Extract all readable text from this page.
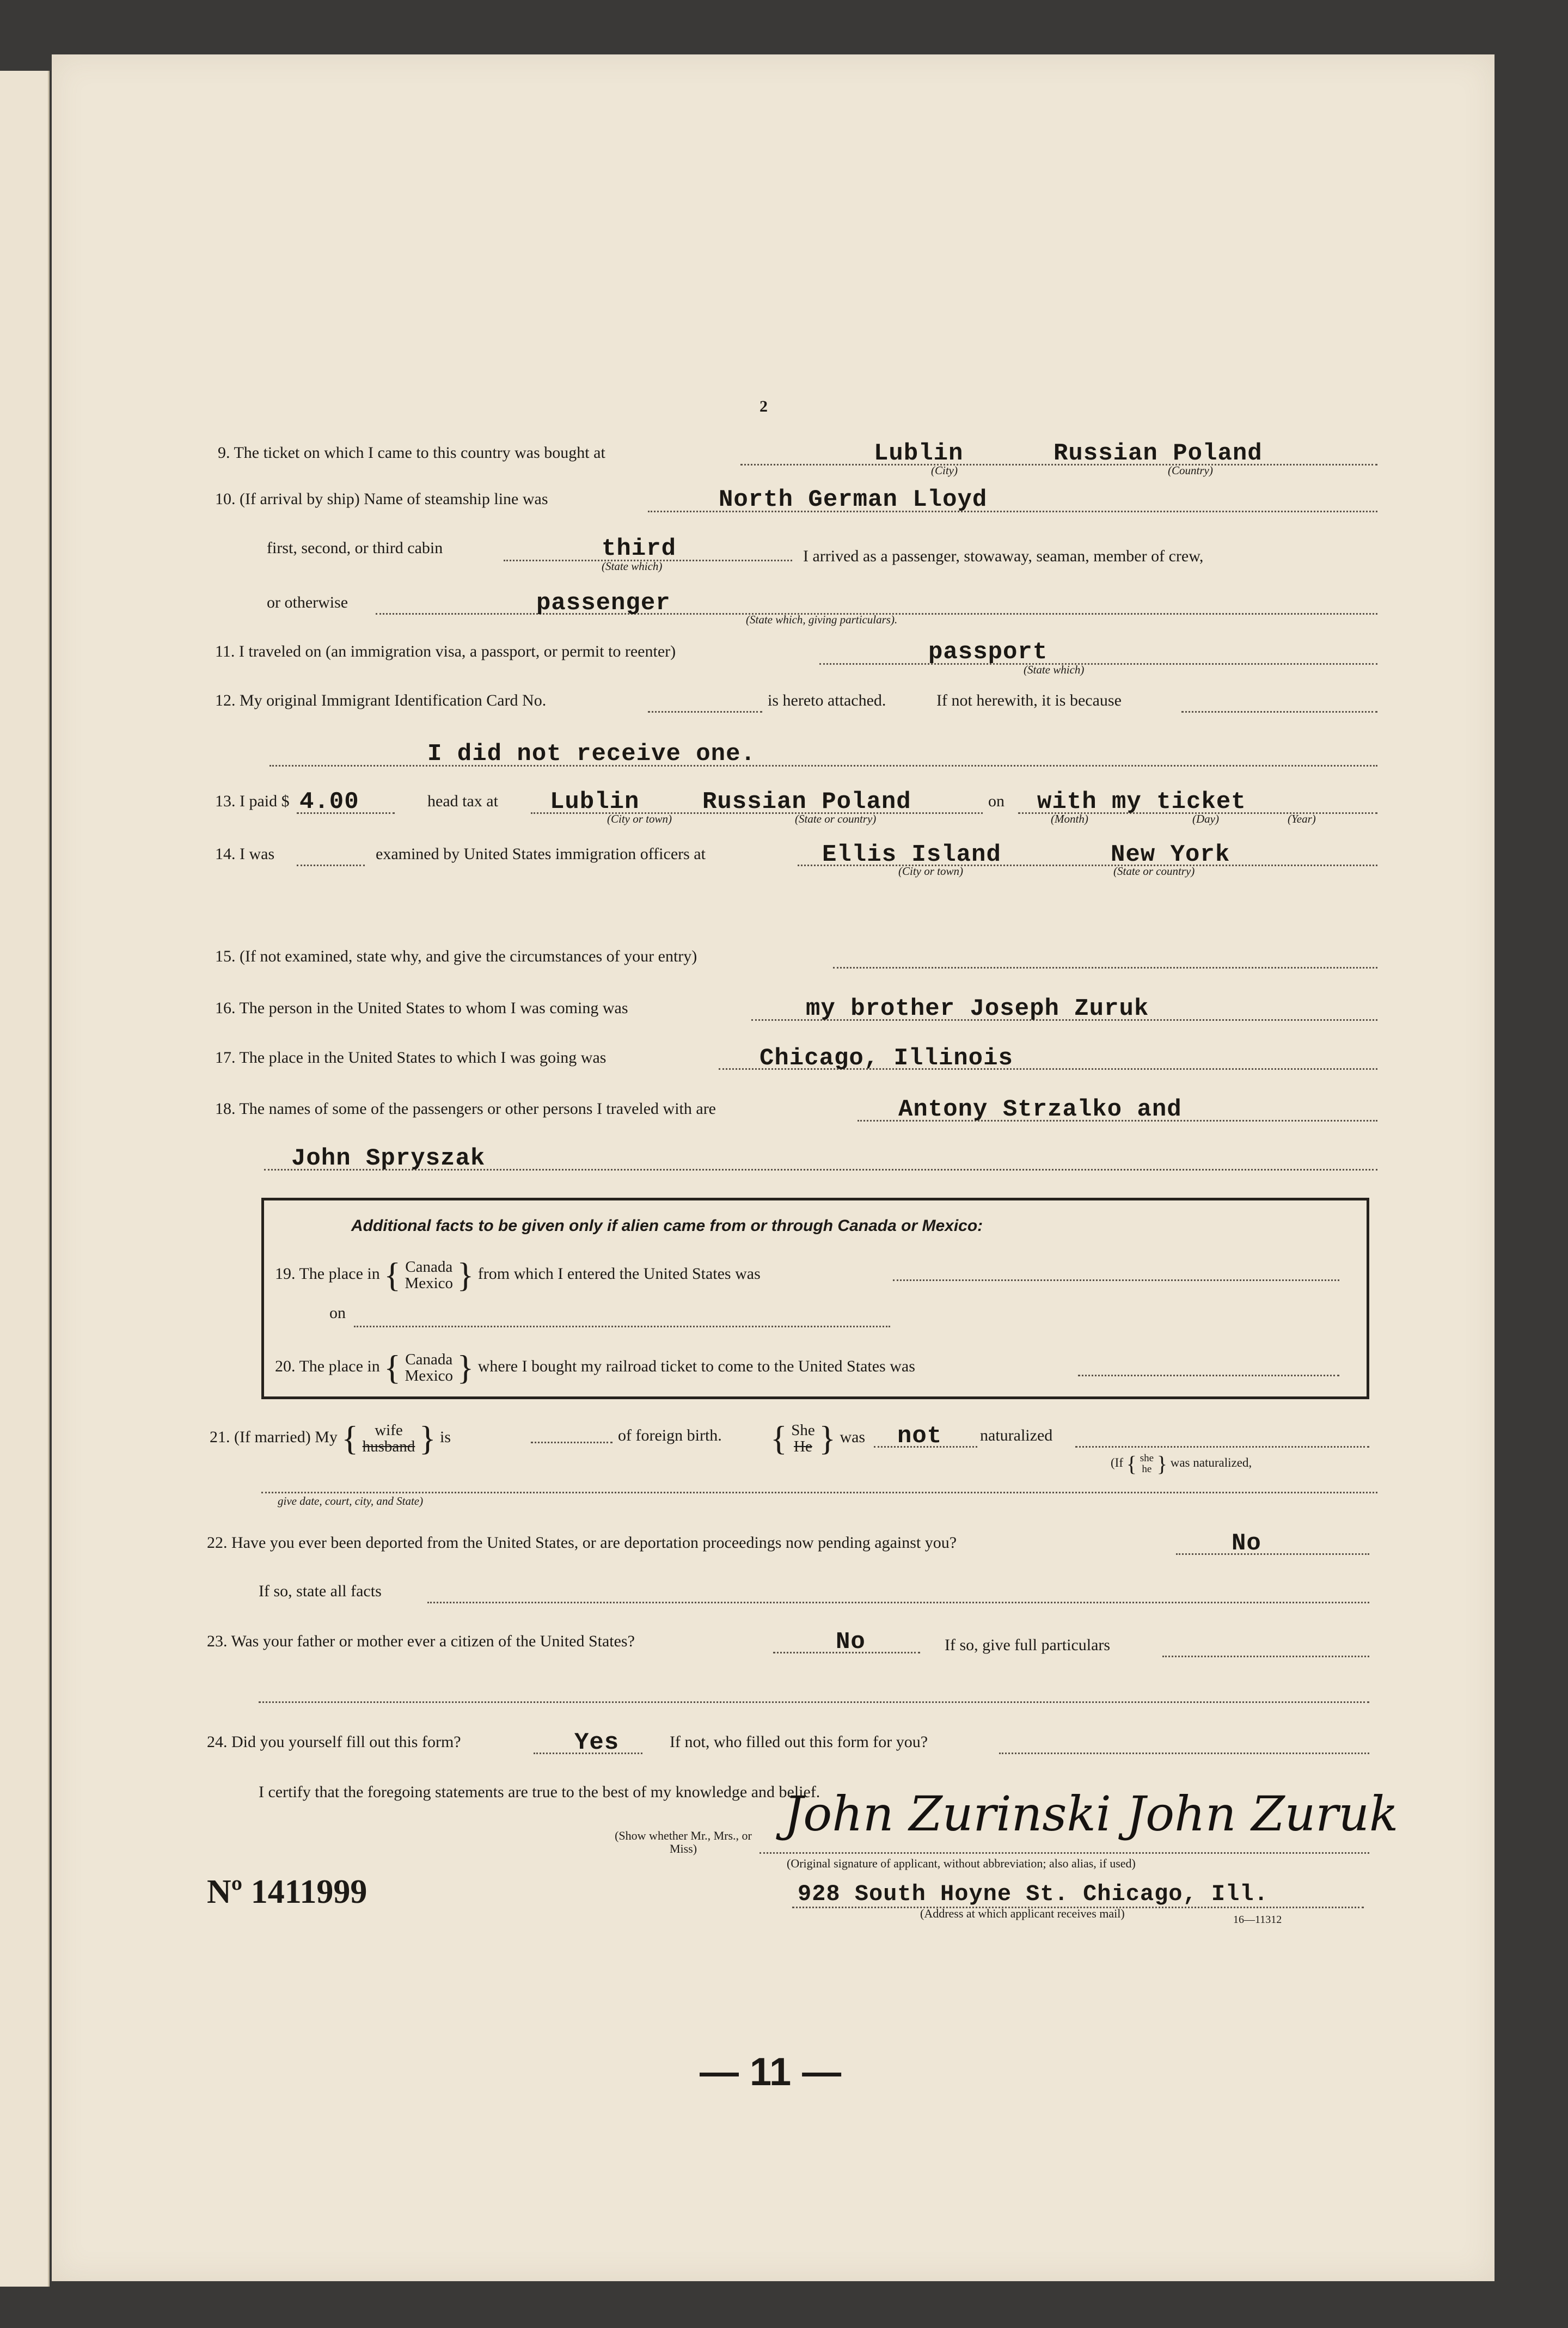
2
9. The ticket on which I came to this country was bought at	Lublin	Russian Poland
(City)	(Country)
10. (If arrival by ship) Name of steamship line was	North German Lloyd
first, second, or third cabin	third
(State which)
I arrived as a passenger, stowaway, seaman, member of crew,
or otherwise	passenger
(State which, giving particulars).
11. I traveled on (an immigration visa, a passport, or permit to reenter)	passport
(State which)
12. My original Immigrant Identification Card No.	is hereto attached.	If not herewith, it is because
I did not receive one.
13. I paid $ 4.00	head tax at Lublin	Russian Poland
(City or town)	(State or country)
on with my ticket
(Month)	(Day)	(Year)
14. I was	examined by United States immigration officers at	Ellis Island	New York
(City or town)	(State or country)
15. (If not examined, state why, and give the circumstances of your entry)
16. The person in the United States to whom I was coming was	my brother Joseph Zuruk
17. The place in the United States to which I was going was	Chicago, Illinois
18. The names of some of the passengers or other persons I traveled with are	Antony Strzalko and
John Spryszak
Additional facts to be given only if alien came from or through Canada or Mexico:
19. The place in { Canada
Mexico } from which I entered the United States was
on
20. The place in { Canada
Mexico } where I bought my railroad ticket to come to the United States was
21. (If married) My { wife
husband } is	of foreign birth. { She
He } was not naturalized
(If { she
he } was naturalized,
give date, court, city, and State)
22. Have you ever been deported from the United States, or are deportation proceedings now pending against you?	No
If so, state all facts
23. Was your father or mother ever a citizen of the United States?	No	If so, give full particulars
24. Did you yourself fill out this form?	Yes	If not, who filled out this form for you?
I certify that the foregoing statements are true to the best of my knowledge and belief.
(Show whether Mr., Mrs., or Miss)
John Zurinski John Zuruk
(Original signature of applicant, without abbreviation; also alias, if used)
Nº 1411999	928 South Hoyne St. Chicago, Ill.
(Address at which applicant receives mail)	16—11312
— 11 —
